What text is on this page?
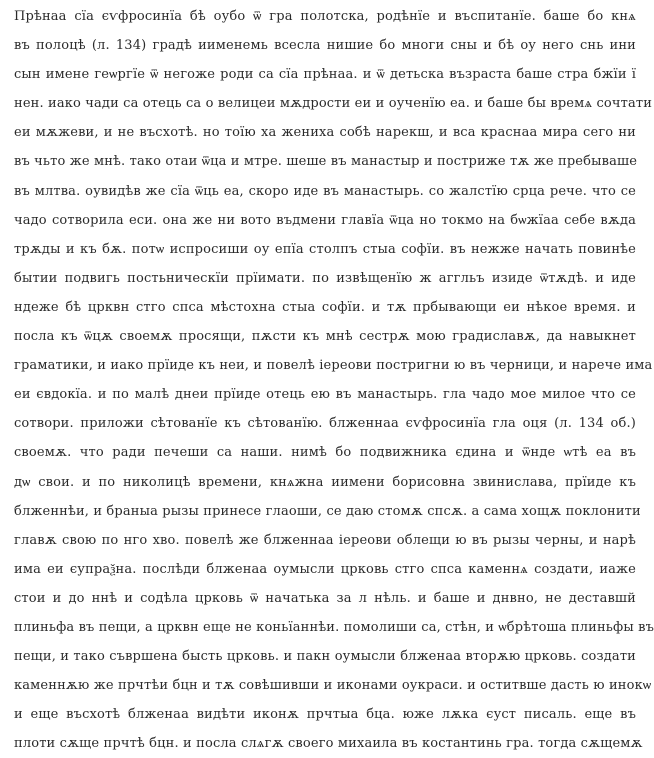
Прѣнаа сїа єѵфросинїа бѣ оубо ѿ гра полотска, родѣнїе и въспитанїе. баше бо кнѧ
въ полоцѣ (л. 134) градѣ иименемь всесла нишие бо многи сны и бѣ оу него снь ини
сын имене геѡргїе ѿ негоже роди са сїа прѣнаа. и ѿ детьска възраста баше стра бжїи ї
нен. иако чади са отець са о велицеи мѫдрости еи и оученїю еа. и баше бы времѧ сочтати
еи мѫжеви, и не въсхотѣ. но тоїю ха жениха собѣ нарекш, и вса краснаа мира сего ни
въ чьто же мнѣ. тако отаи ѿца и мтре. шеше въ манастыр и постриже тѫ же пребываше
въ млтва. оувидѣв же сїа ѿць еа, скоро иде въ манастырь. со жалстїю срца рече. что се
чадо сотворила еси. она же ни вото въдмени главїа ѿца но токмо на бѡжїаа себе вѫда
трѫды и къ бѫ. потѡ испросиши оу епїа столпъ стыа софїи. въ нежже начать повинѣе
бытии подвигь постьническїи прїимати. по извѣщенїю ж аггльъ изиде ѿтѫдѣ. и иде
ндеже бѣ црквн стго спса мѣстохна стыа софїи. и тѫ прбывающи еи нѣкое время. и
посла къ ѿцѫ своемѫ просящи, пѫсти къ мнѣ сестрѫ мою градиславѫ, да навыкнет
граматики, и иако прїиде къ неи, и повелѣ iереови постригни ю въ черници, и нарече има
еи євдокїа. и по малѣ днеи прїиде отець ею въ манастырь. гла чадо мое милое что се
сотвори. приложи сѣтованїе къ сѣтованїю. блженнаа єѵфросинїа гла оця (л. 134 об.)
своемѫ. что ради печеши са наши. нимѣ бо подвижника єдина и ѿнде ѡтѣ еа въ
дѡ свои. и по николицѣ времени, кнѧжна иимени борисовна звиниславa, прїиде къ
блженнѣи, и браныа рызы принесе глаоши, се даю стомѫ спсѫ. а сама хощѫ поклонити
главѫ свою по нго хво. повелѣ же блженнаа iереови облещи ю въ рызы черны, и нарѣ
има еи єупраѯна. послѣди блженаа оумысли црковь стго спса каменнѧ создати, иаже
стои и до ннѣ и содѣла црковь ѿ начатька за л нѣль. и баше и днвно, не дестaвшй
плиньфа въ пещи, а црквн еще не коньїаннѣи. помолиши са, стѣн, и ѡбрѣтоша плиньфы въ
пещи, и тако съвршена бысть црковь. и пакн оумысли блженаа вторѫю црковь. создати
каменнѫю же прчтѣи бцн и тѫ совѣшивши и иконами оукраси. и оститвше дасть ю инокѡ
и еще въсхотѣ блженаа видѣти иконѫ прчтыа бца. юже лѫка єуст писаль. еще въ
плоти сѫще прчтѣ бцн. и посла слѧгѫ своего михаила въ костантинь гра. тогда сѫщемѫ
